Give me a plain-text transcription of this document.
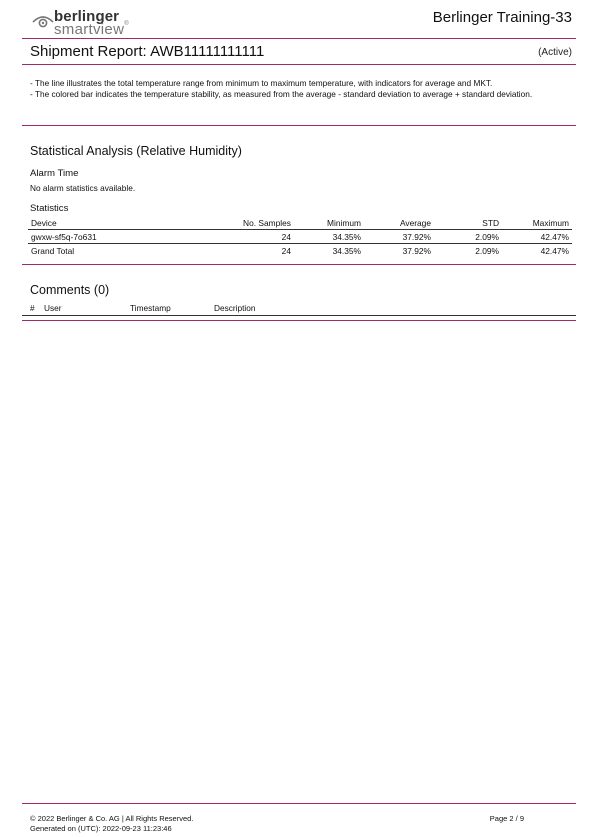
berlinger
smartview®	Berlinger Training-33
Shipment Report: AWB11111111111	(Active)

- The line illustrates the total temperature range from minimum to maximum temperature, with indicators for average and MKT.

- The colored bar indicates the temperature stability, as measured from the average - standard deviation to average + standard deviation.

Statistical Analysis (Relative Humidity)
Alarm Time
No alarm statistics available.
Statistics
Device	No. Samples	Minimum	Average	STD	Maximum
gwxw-sf5q-7o631	24	34.35%	37.92%	2.09%	42.47%
Grand Total	24	34.35%	37.92%	2.09%	42.47%
Comments (0)
# User	Timestamp	Description
© 2022 Berlinger & Co. AG | All Rights Reserved.
Generated on (UTC): 2022-09-23 11:23:46
Page 2 / 9
